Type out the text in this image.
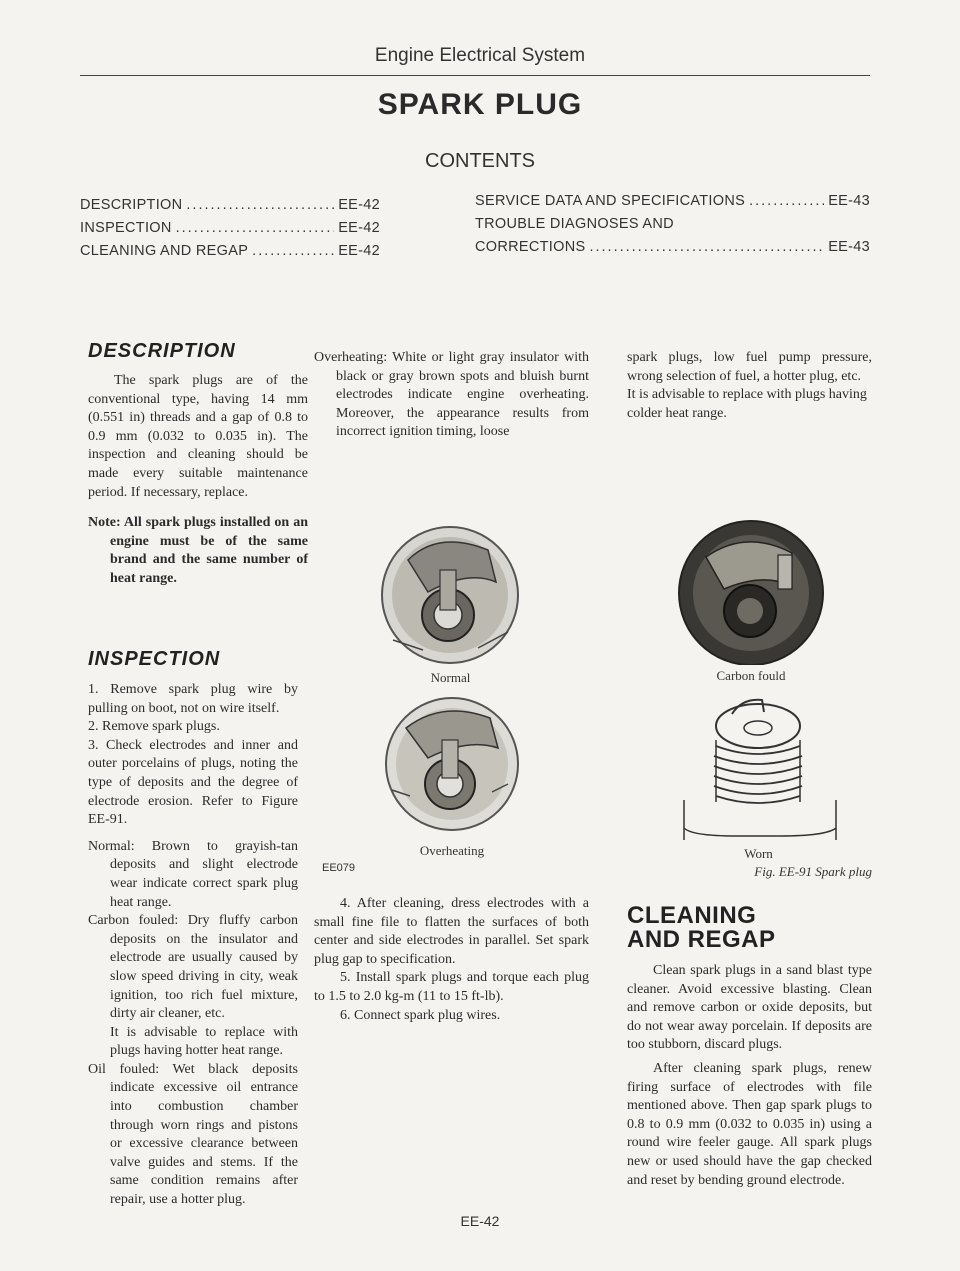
Engine Electrical System
SPARK PLUG
CONTENTS
DESCRIPTION .....	EE-42
INSPECTION .....	EE-42
CLEANING AND REGAP .....	EE-42
SERVICE DATA AND SPECIFICATIONS .....	EE-43
TROUBLE DIAGNOSES AND
CORRECTIONS .....	EE-43
DESCRIPTION

The spark plugs are of the conventional type, having 14 mm (0.551 in) threads and a gap of 0.8 to 0.9 mm (0.032 to 0.035 in). The inspection and cleaning should be made every suitable maintenance period. If necessary, replace.

Note: All spark plugs installed on an engine must be of the same brand and the same number of heat range.

INSPECTION

1. Remove spark plug wire by pulling on boot, not on wire itself.

2. Remove spark plugs.

3. Check electrodes and inner and outer porcelains of plugs, noting the type of deposits and the degree of electrode erosion. Refer to Figure EE-91.

Normal: Brown to grayish-tan deposits and slight electrode wear indicate correct spark plug heat range.

Carbon fouled: Dry fluffy carbon deposits on the insulator and electrode are usually caused by slow speed driving in city, weak ignition, too rich fuel mixture, dirty air cleaner, etc.

It is advisable to replace with plugs having hotter heat range.

Oil fouled: Wet black deposits indicate excessive oil entrance into combustion chamber through worn rings and pistons or excessive clearance between valve guides and stems. If the same condition remains after repair, use a hotter plug.

Overheating: White or light gray insulator with black or gray brown spots and bluish burnt electrodes indicate engine overheating. Moreover, the appearance results from incorrect ignition timing, loose

Normal
Overheating
EE079

4. After cleaning, dress electrodes with a small fine file to flatten the surfaces of both center and side electrodes in parallel. Set spark plug gap to specification.

5. Install spark plugs and torque each plug to 1.5 to 2.0 kg-m (11 to 15 ft-lb).

6. Connect spark plug wires.

spark plugs, low fuel pump pressure, wrong selection of fuel, a hotter plug, etc.

It is advisable to replace with plugs having colder heat range.

Carbon fould
Worn
Fig. EE-91 Spark plug
CLEANING
AND REGAP

Clean spark plugs in a sand blast type cleaner. Avoid excessive blasting. Clean and remove carbon or oxide deposits, but do not wear away porcelain. If deposits are too stubborn, discard plugs.

After cleaning spark plugs, renew firing surface of electrodes with file mentioned above. Then gap spark plugs to 0.8 to 0.9 mm (0.032 to 0.035 in) using a round wire feeler gauge. All spark plugs new or used should have the gap checked and reset by bending ground electrode.

EE-42
